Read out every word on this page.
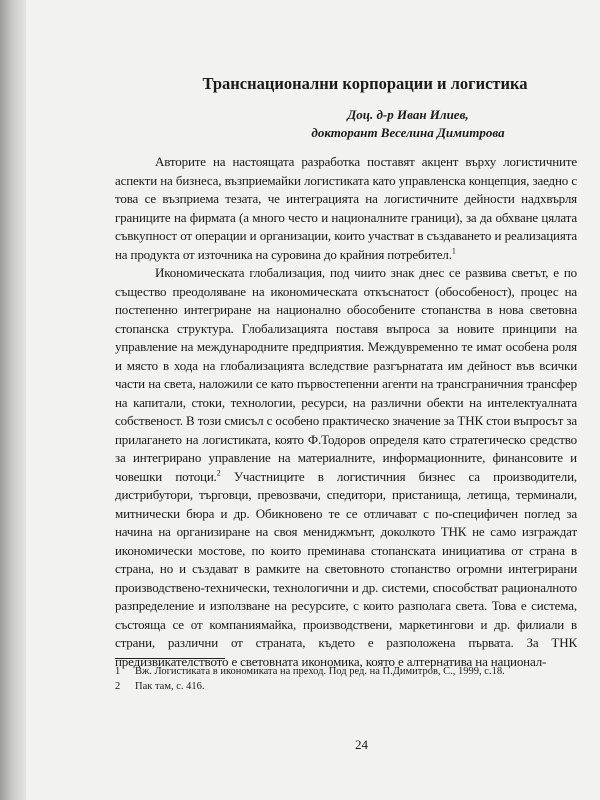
Транснационални корпорации и логистика
Доц. д-р Иван Илиев,
докторант Веселина Димитрова

Авторите на настоящата разработка поставят акцент върху логистичните аспекти на бизнеса, възприемайки логистиката като управленска концепция, заедно с това се възприема тезата, че интеграцията на логистичните дейности надхвърля границите на фирмата (а много често и националните граници), за да обхване цялата съвкупност от операции и организации, които участват в създаването и реализацията на продукта от източника на суровина до крайния потребител.$^1$

Икономическата глобализация, под чиито знак днес се развива светът, е по същество преодоляване на икономическата откъснатост (обособеност), процес на постепенно интегриране на национално обособените стопанства в нова световна стопанска структура. Глобализацията поставя въпроса за новите принципи на управление на международните предприятия. Междувременно те имат особена роля и място в хода на глобализацията вследствие разгърнатата им дейност във всички части на света, наложили се като първостепенни агенти на трансграничния трансфер на капитали, стоки, технологии, ресурси, на различни обекти на интелектуалната собственост. В този смисъл с особено практическо значение за ТНК стои въпросът за прилагането на логистиката, която Ф.Тодоров определя като стратегическо средство за интегрирано управление на материалните, информационните, финансовите и човешки потоци.$^2$ Участниците в логистичния бизнес са производители, дистрибутори, търговци, превозвачи, спедитори, пристанища, летища, терминали, митнически бюра и др. Обикновено те се отличават с по-специфичен поглед за начина на организиране на своя мениджмънт, доколкото ТНК не само изграждат икономически мостове, по които преминава стопанската инициатива от страна в страна, но и създават в рамките на световното стопанство огромни интегрирани производствено-технически, технологични и др. системи, способстват рационалното разпределение и използване на ресурсите, с които разполага света. Това е система, състояща се от компаниямайка, производствени, маркетингови и др. филиали в страни, различни от страната, където е разположена първата. За ТНК предизвикателството е световната икономика, която е алтернатива на национал-

1	Вж. Логистиката в икономиката на преход. Под ред. на П.Димитров, С., 1999, с.18.
2	Пак там, с. 416.
24
